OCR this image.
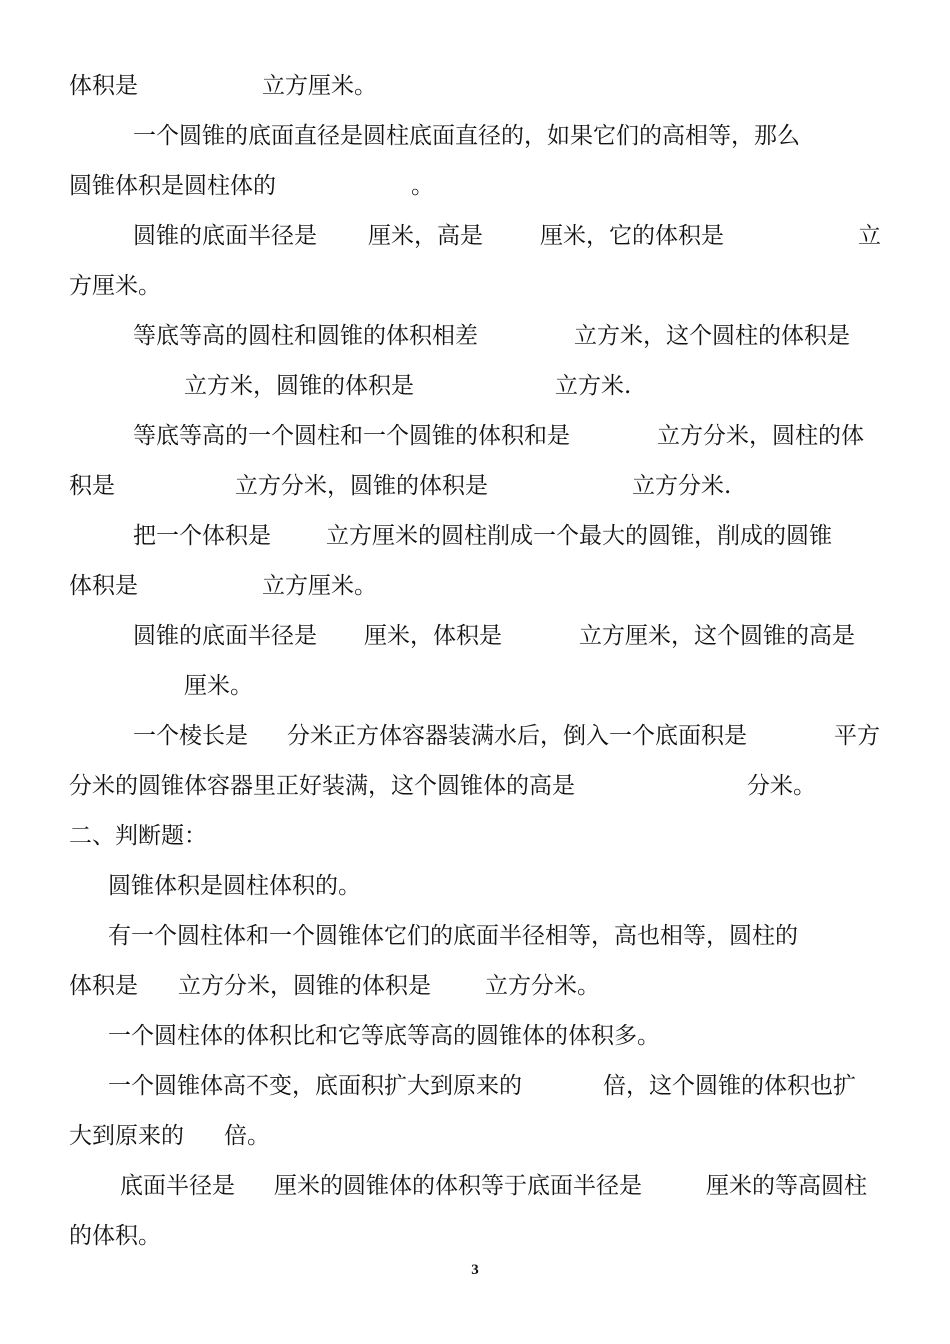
体积是	立方厘米。
一个圆锥的底面直径是圆柱底面直径的，如果它们的高相等，那么
圆锥体积是圆柱体的	。
圆锥的底面半径是 厘米，高是 厘米，它的体积是	立
方厘米。
等底等高的圆柱和圆锥的体积相差	立方米，这个圆柱的体积是
立方米，圆锥的体积是	立方米.
等底等高的一个圆柱和一个圆锥的体积和是	立方分米，圆柱的体
积是	立方分米，圆锥的体积是	立方分米.
把一个体积是 立方厘米的圆柱削成一个最大的圆锥，削成的圆锥
体积是	立方厘米。
圆锥的底面半径是 厘米，体积是	立方厘米，这个圆锥的高是
厘米。
一个棱长是 分米正方体容器装满水后，倒入一个底面积是	平方
分米的圆锥体容器里正好装满，这个圆锥体的高是	分米。
二、判断题：
圆锥体积是圆柱体积的。
有一个圆柱体和一个圆锥体它们的底面半径相等，高也相等，圆柱的
体积是 立方分米，圆锥的体积是 立方分米。
一个圆柱体的体积比和它等底等高的圆锥体的体积多。
一个圆锥体高不变，底面积扩大到原来的	倍，这个圆锥的体积也扩
大到原来的 倍。
底面半径是 厘米的圆锥体的体积等于底面半径是	厘米的等高圆柱
的体积。
3
